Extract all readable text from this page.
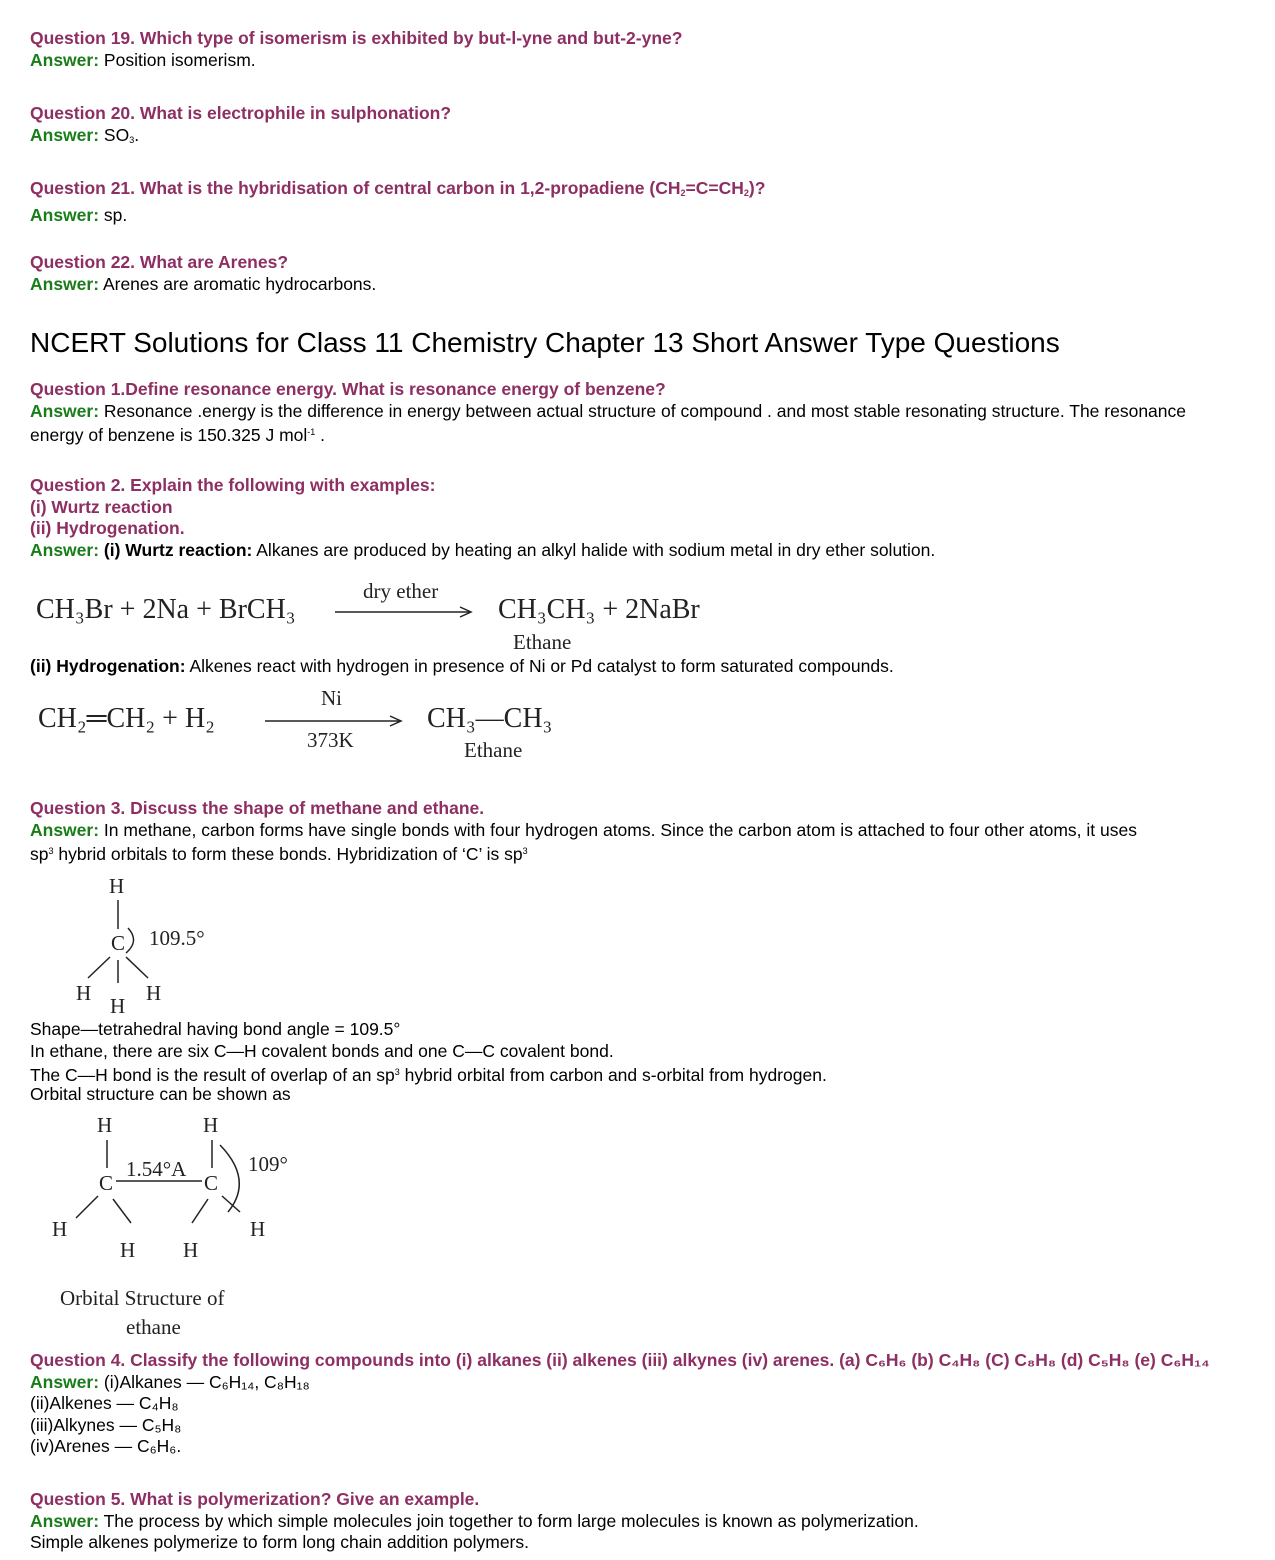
Question 19. Which type of isomerism is exhibited by but-l-yne and but-2-yne?
Answer: Position isomerism.
Question 20. What is electrophile in sulphonation?
Answer: $SO_3$.
Question 21. What is the hybridisation of central carbon in 1,2-propadiene $(CH_2=C=CH_2)$?
Answer: sp.
Question 22. What are Arenes?
Answer: Arenes are aromatic hydrocarbons.
NCERT Solutions for Class 11 Chemistry Chapter 13 Short Answer Type Questions
Question 1.Define resonance energy. What is resonance energy of benzene?
Answer: Resonance .energy is the difference in energy between actual structure of compound . and most stable resonating structure. The resonance
energy of benzene is 150.325 J mol$^{-1}$ .
Question 2. Explain the following with examples:
(i) Wurtz reaction
(ii) Hydrogenation.
Answer: (i) Wurtz reaction: Alkanes are produced by heating an alkyl halide with sodium metal in dry ether solution.
CH₃Br + 2Na + BrCH₃
dry ether
CH₃CH₃ + 2NaBr
Ethane
(ii) Hydrogenation: Alkenes react with hydrogen in presence of Ni or Pd catalyst to form saturated compounds.
CH₂═CH₂ + H₂
Ni
373K
CH₃—CH₃
Ethane
Question 3. Discuss the shape of methane and ethane.
Answer: In methane, carbon forms have single bonds with four hydrogen atoms. Since the carbon atom is attached to four other atoms, it uses
$sp^3$ hybrid orbitals to form these bonds. Hybridization of ‘C’ is $sp^3$
H
C 109.5°
H
H
H
Shape—tetrahedral having bond angle = 109.5°
In ethane, there are six C—H covalent bonds and one C—C covalent bond.
The C—H bond is the result of overlap of an $sp^3$ hybrid orbital from carbon and s-orbital from hydrogen.
Orbital structure can be shown as
H	H
C	C
1.54°A	109°
H	H
H H
Orbital Structure of
ethane
Question 4. Classify the following compounds into (i) alkanes (ii) alkenes (iii) alkynes (iv) arenes. (a) C₆H₆ (b) C₄H₈ (C) C₈H₈ (d) C₅H₈ (e) C₆H₁₄
Answer: (i)Alkanes — C₆H₁₄, C₈H₁₈
(ii)Alkenes — C₄H₈
(iii)Alkynes — C₅H₈
(iv)Arenes — C₆H₆.
Question 5. What is polymerization? Give an example.
Answer: The process by which simple molecules join together to form large molecules is known as polymerization.
Simple alkenes polymerize to form long chain addition polymers.
